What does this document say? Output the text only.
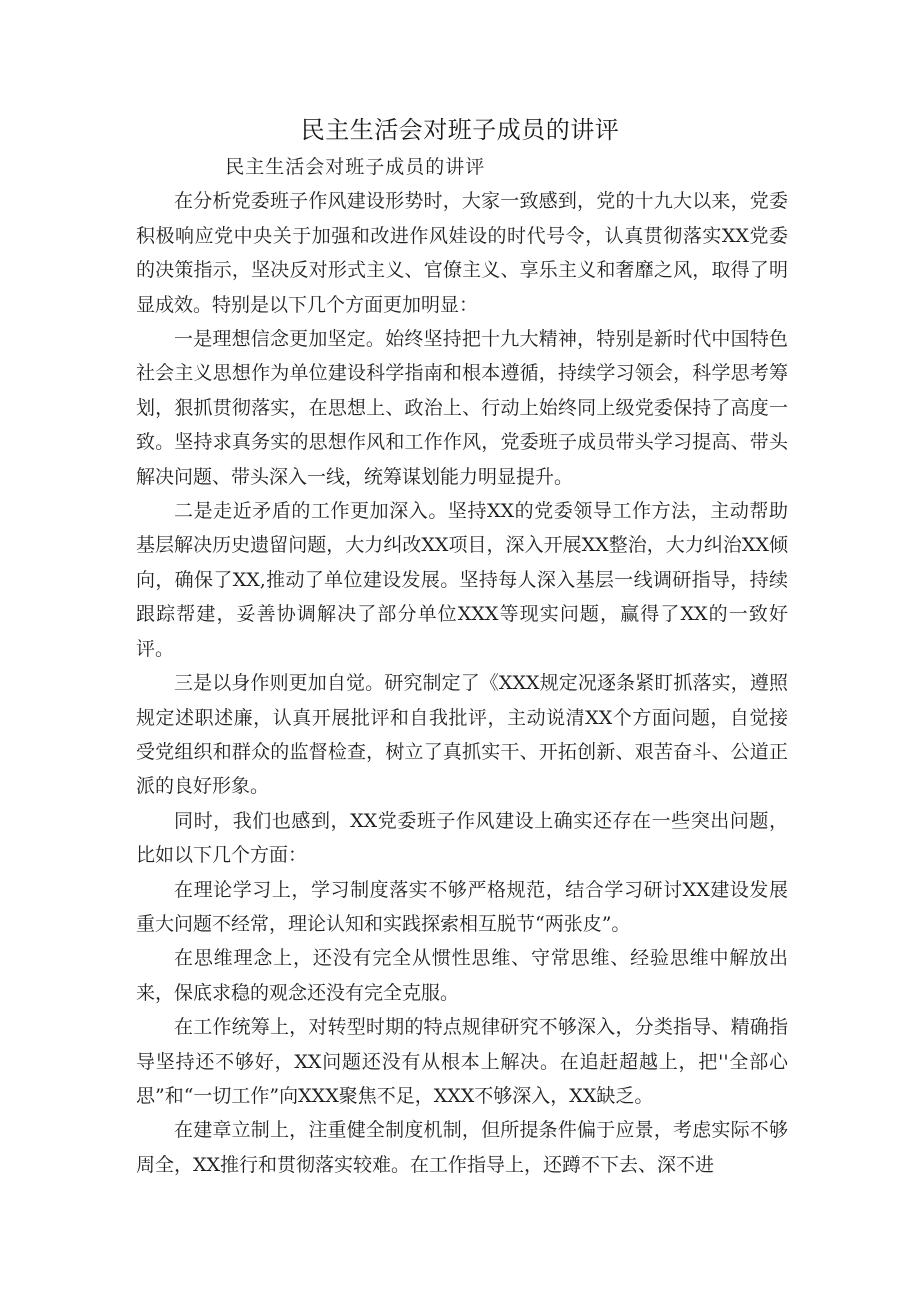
民主生活会对班子成员的讲评

民主生活会对班子成员的讲评

在分析党委班子作风建设形势时，大家一致感到，党的十九大以来，党委积极响应党中央关于加强和改进作风娃设的时代号令，认真贯彻落实XX党委的决策指示，坚决反对形式主义、官僚主义、享乐主义和奢靡之风，取得了明显成效。特别是以下几个方面更加明显：

一是理想信念更加坚定。始终坚持把十九大精神，特别是新时代中国特色社会主义思想作为单位建设科学指南和根本遵循，持续学习领会，科学思考筹划，狠抓贯彻落实，在思想上、政治上、行动上始终同上级党委保持了高度一致。坚持求真务实的思想作风和工作作风，党委班子成员带头学习提高、带头解决问题、带头深入一线，统筹谋划能力明显提升。

二是走近矛盾的工作更加深入。坚持XX的党委领导工作方法，主动帮助基层解决历史遗留问题，大力纠改XX项目，深入开展XX整治，大力纠治XX倾向，确保了XX,推动了单位建设发展。坚持每人深入基层一线调研指导，持续跟踪帮建，妥善协调解决了部分单位XXX等现实问题，赢得了XX的一致好评。

三是以身作则更加自觉。研究制定了《XXX规定况逐条紧盯抓落实，遵照规定述职述廉，认真开展批评和自我批评，主动说清XX个方面问题，自觉接受党组织和群众的监督检查，树立了真抓实干、开拓创新、艰苦奋斗、公道正派的良好形象。

同时，我们也感到，XX党委班子作风建设上确实还存在一些突出问题，比如以下几个方面：

在理论学习上，学习制度落实不够严格规范，结合学习研讨XX建设发展重大问题不经常，理论认知和实践探索相互脱节“两张皮”。

在思维理念上，还没有完全从惯性思维、守常思维、经验思维中解放出来，保底求稳的观念还没有完全克服。

在工作统筹上，对转型时期的特点规律研究不够深入，分类指导、精确指导坚持还不够好，XX问题还没有从根本上解决。在追赶超越上，把''全部心思”和“一切工作”向XXX聚焦不足，XXX不够深入，XX缺乏。

在建章立制上，注重健全制度机制，但所提条件偏于应景，考虑实际不够周全，XX推行和贯彻落实较难。在工作指导上，还蹲不下去、深不进
